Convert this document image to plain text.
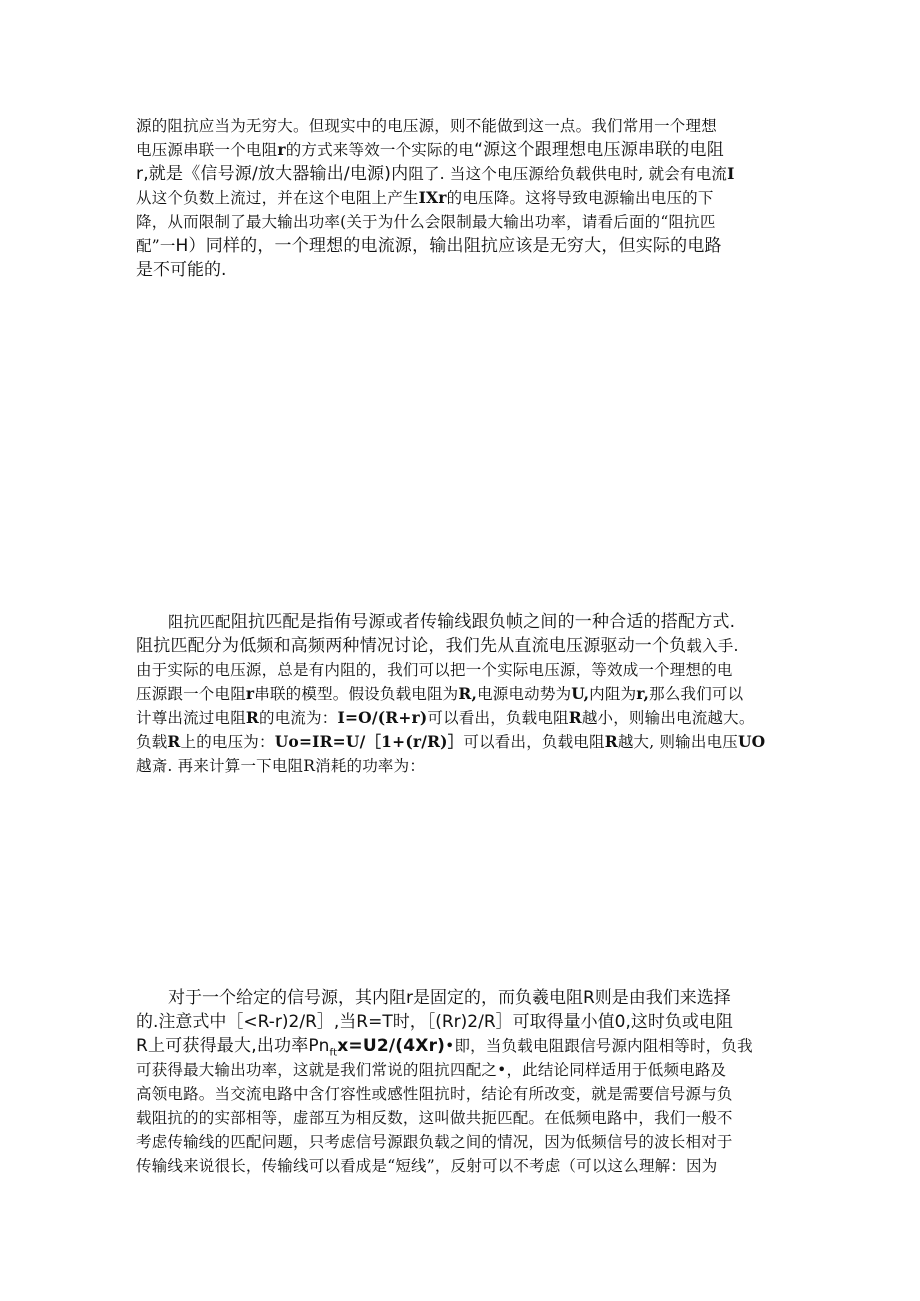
源的阻抗应当为无穷大。但现实中的电压源，则不能做到这一点。我们常用一个理想
电压源串联一个电阻r的方式来等效一个实际的电“源这个跟理想电压源串联的电阻
r,就是《信号源/放大器输出/电源)内阻了. 当这个电压源给负载供电时, 就会有电流I
从这个负数上流过，并在这个电阻上产生IXr的电压降。这将导致电源输出电压的下
降，从而限制了最大输出功率(关于为什么会限制最大输出功率，请看后面的“阻抗匹
配”一H）同样的，一个理想的电流源，输出阻抗应该是无穷大，但实际的电路
是不可能的.
阻抗匹配阻抗匹配是指侑号源或者传输线跟负帧之间的一种合适的搭配方式.
阻抗匹配分为低频和高频两种情况讨论，我们先从直流电压源驱动一个负载入手.
由于实际的电压源，总是有内阻的，我们可以把一个实际电压源，等效成一个理想的电
压源跟一个电阻r串联的模型。假设负载电阻为R,电源电动势为U,内阻为r,那么我们可以
计尊出流过电阻R的电流为：I=O/(R+r)可以看出，负载电阻R越小，则输出电流越大。
负载R上的电压为：Uo=IR=U/［1+(r/R)］可以看出，负载电阻R越大, 则输出电压UO
越斎. 再来计算一下电阻R消耗的功率为：
对于一个给定的信号源，其内阻r是固定的，而负羲电阻R则是由我们来选择
的.注意式中［<R-r)2/R］,当R=T时，［(Rr)2/R］可取得量小值0,这时负或电阻
R上可获得最大,出功率$Pn_{ft}x=U2/(4Xr)•$即，当负载电阻跟信号源内阻相等时，负我
可获得最大输出功率，这就是我们常说的阻抗四配之•，此结论同样适用于低频电路及
高领电路。当交流电路中含仃容性或感性阻抗时，结论有所改变，就是需要信号源与负
载阻抗的的实部相等，虚部互为相反数，这叫做共扼匹配。在低频电路中，我们一般不
考虑传输线的匹配问题，只考虑信号源跟负载之间的情况，因为低频信号的波长相对于
传输线来说很长，传输线可以看成是“短线”，反射可以不考虑（可以这么理解：因为
